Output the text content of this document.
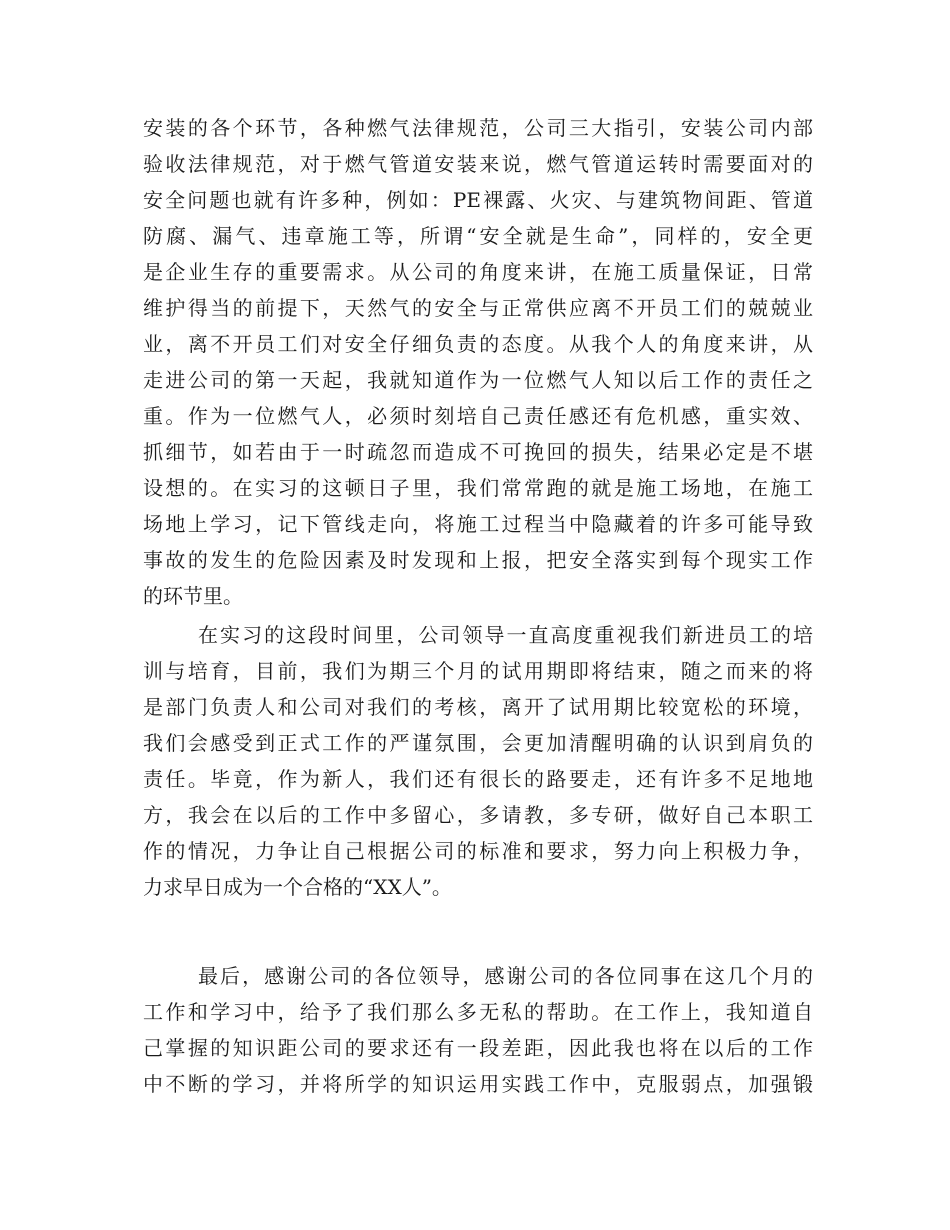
安装的各个环节，各种燃气法律规范，公司三大指引，安装公司内部
验收法律规范，对于燃气管道安装来说，燃气管道运转时需要面对的
安全问题也就有许多种，例如：PE裸露、火灾、与建筑物间距、管道
防腐、漏气、违章施工等，所谓“安全就是生命”，同样的，安全更
是企业生存的重要需求。从公司的角度来讲，在施工质量保证，日常
维护得当的前提下，天然气的安全与正常供应离不开员工们的兢兢业
业，离不开员工们对安全仔细负责的态度。从我个人的角度来讲，从
走进公司的第一天起，我就知道作为一位燃气人知以后工作的责任之
重。作为一位燃气人，必须时刻培自己责任感还有危机感，重实效、
抓细节，如若由于一时疏忽而造成不可挽回的损失，结果必定是不堪
设想的。在实习的这顿日子里，我们常常跑的就是施工场地，在施工
场地上学习，记下管线走向，将施工过程当中隐藏着的许多可能导致
事故的发生的危险因素及时发现和上报，把安全落实到每个现实工作
的环节里。
在实习的这段时间里，公司领导一直高度重视我们新进员工的培
训与培育，目前，我们为期三个月的试用期即将结束，随之而来的将
是部门负责人和公司对我们的考核，离开了试用期比较宽松的环境，
我们会感受到正式工作的严谨氛围，会更加清醒明确的认识到肩负的
责任。毕竟，作为新人，我们还有很长的路要走，还有许多不足地地
方，我会在以后的工作中多留心，多请教，多专研，做好自己本职工
作的情况，力争让自己根据公司的标准和要求，努力向上积极力争，
力求早日成为一个合格的“XX人”。
最后，感谢公司的各位领导，感谢公司的各位同事在这几个月的
工作和学习中，给予了我们那么多无私的帮助。在工作上，我知道自
己掌握的知识距公司的要求还有一段差距，因此我也将在以后的工作
中不断的学习，并将所学的知识运用实践工作中，克服弱点，加强锻
